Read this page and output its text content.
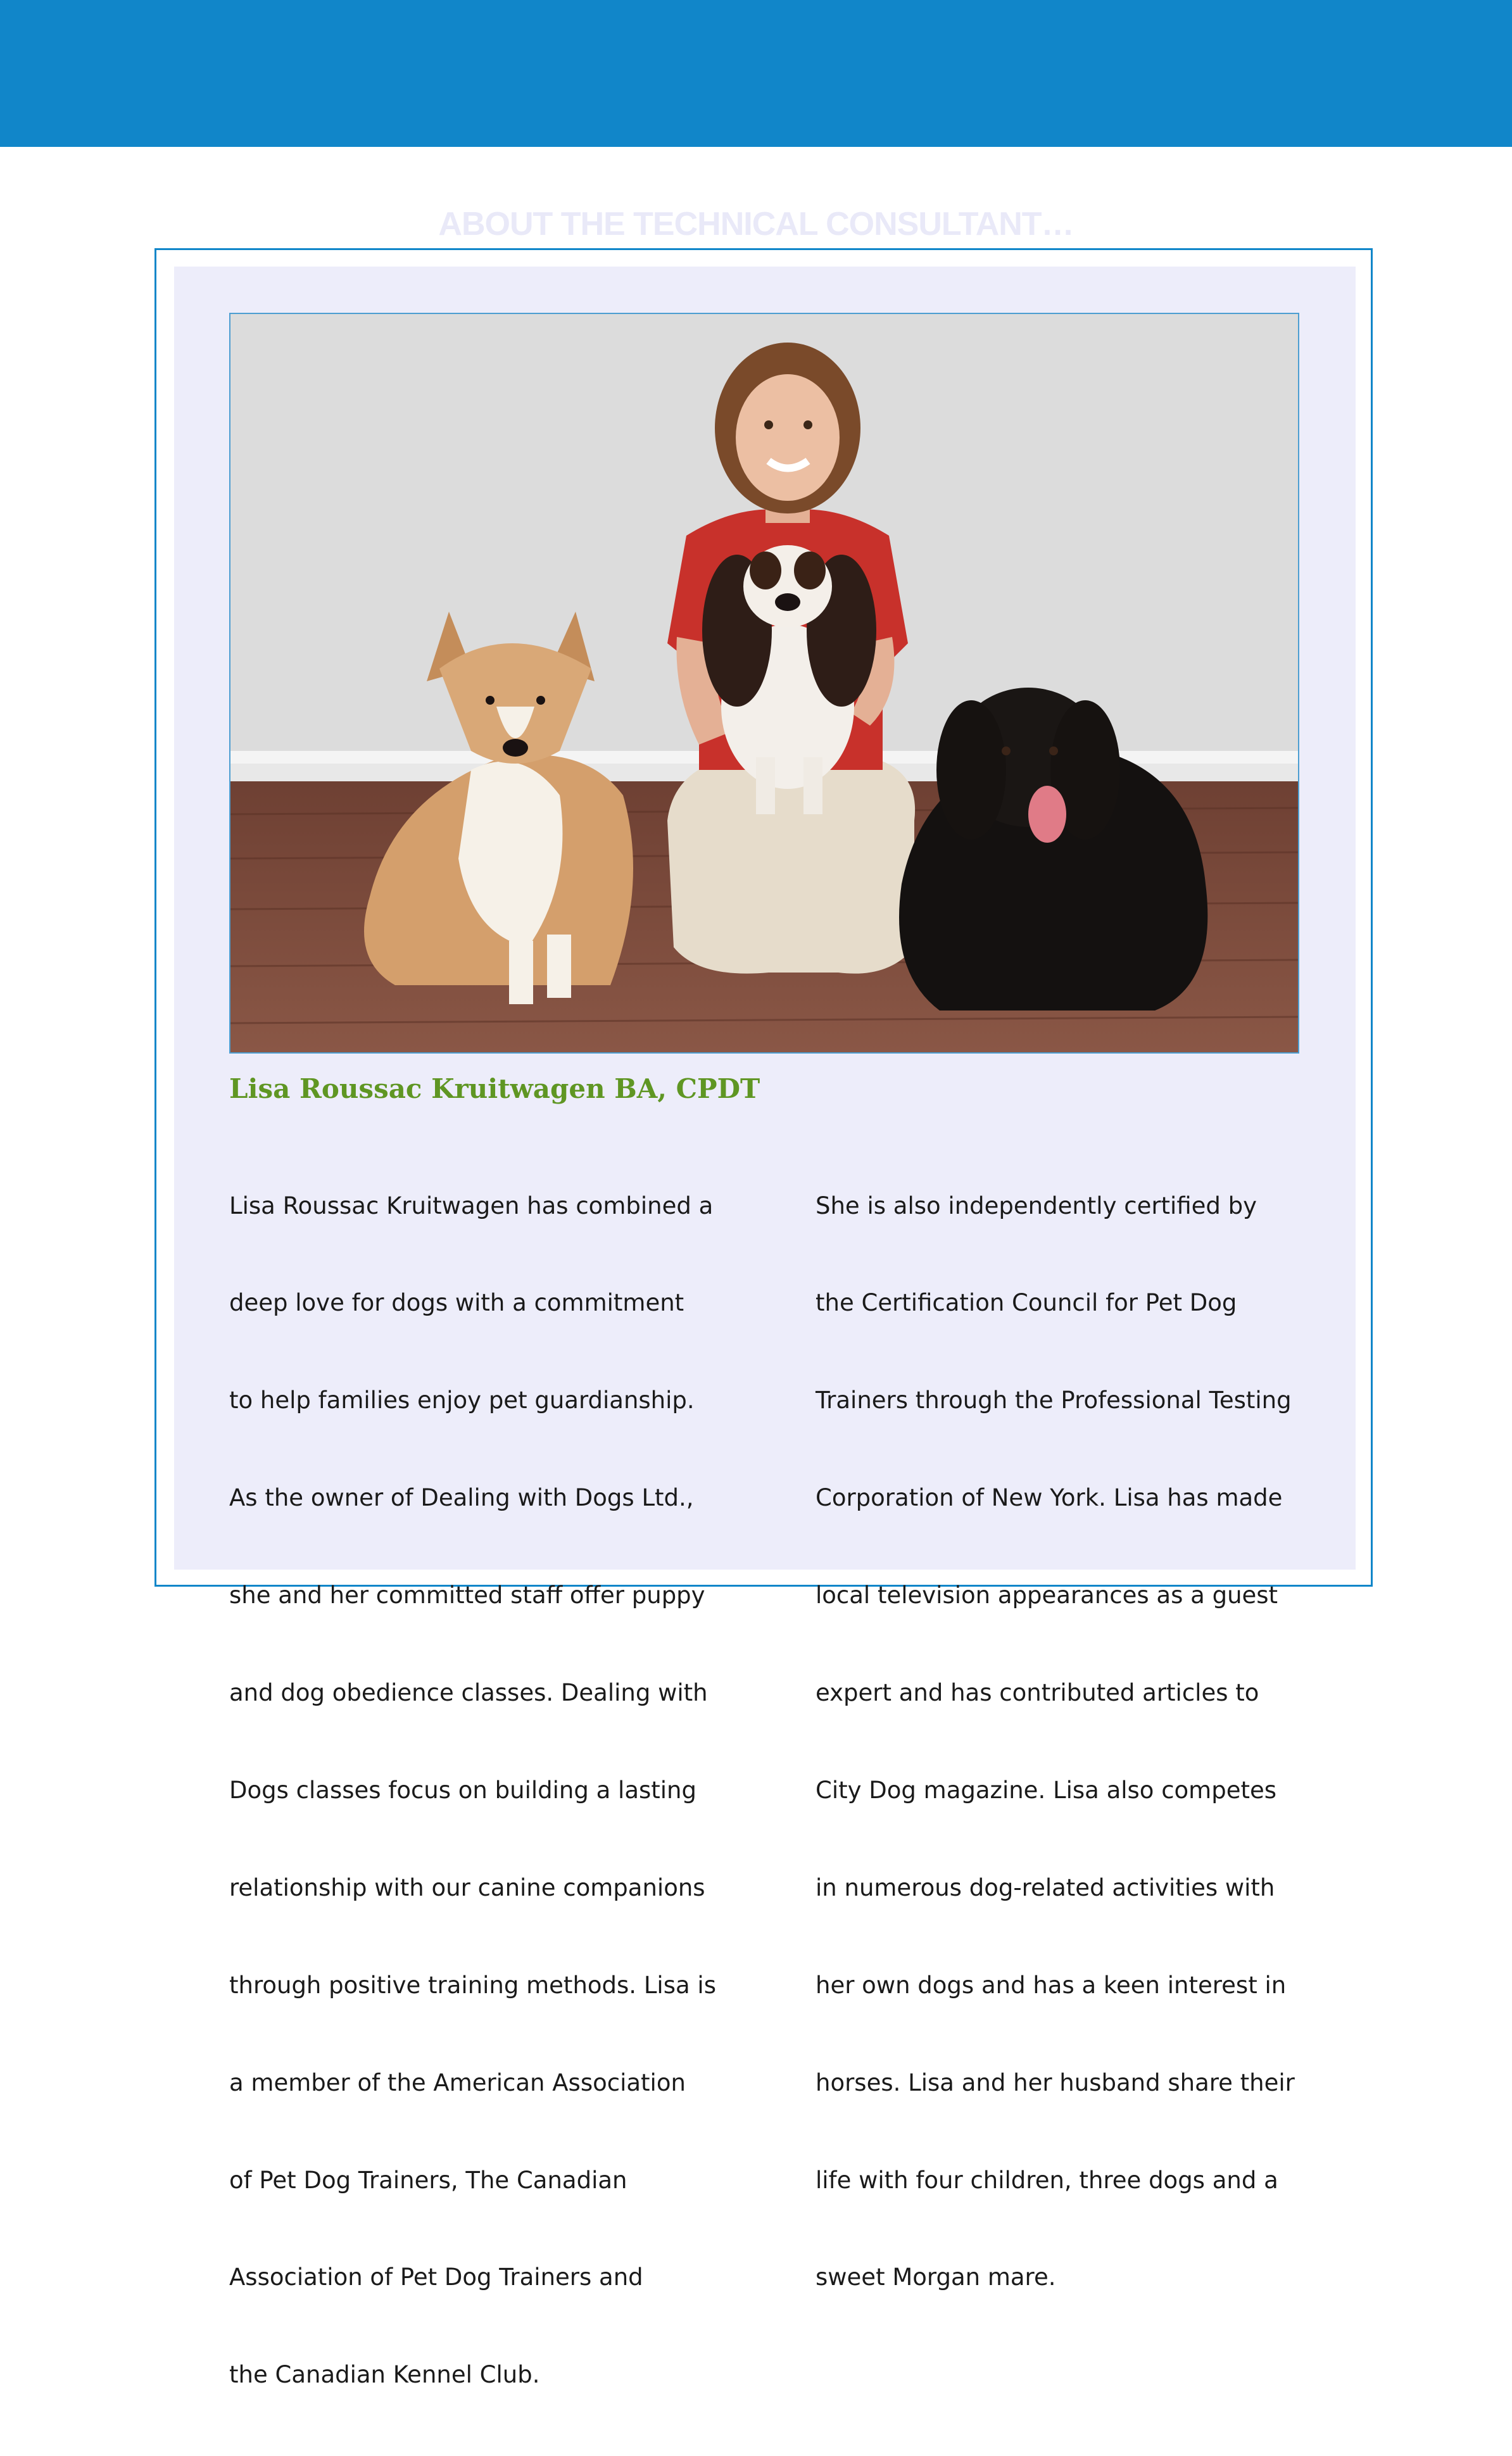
ABOUT THE TECHNICAL CONSULTANT…
Lisa Roussac Kruitwagen BA, CPDT

Lisa Roussac Kruitwagen has combined a

deep love for dogs with a commitment

to help families enjoy pet guardianship.

As the owner of Dealing with Dogs Ltd.,

she and her committed staff offer puppy

and dog obedience classes. Dealing with

Dogs classes focus on building a lasting

relationship with our canine companions

through positive training methods. Lisa is

a member of the American Association

of Pet Dog Trainers, The Canadian

Association of Pet Dog Trainers and

the Canadian Kennel Club.

She is also independently certified by

the Certification Council for Pet Dog

Trainers through the Professional Testing

Corporation of New York. Lisa has made

local television appearances as a guest

expert and has contributed articles to

City Dog magazine. Lisa also competes

in numerous dog-related activities with

her own dogs and has a keen interest in

horses. Lisa and her husband share their

life with four children, three dogs and a

sweet Morgan mare.
